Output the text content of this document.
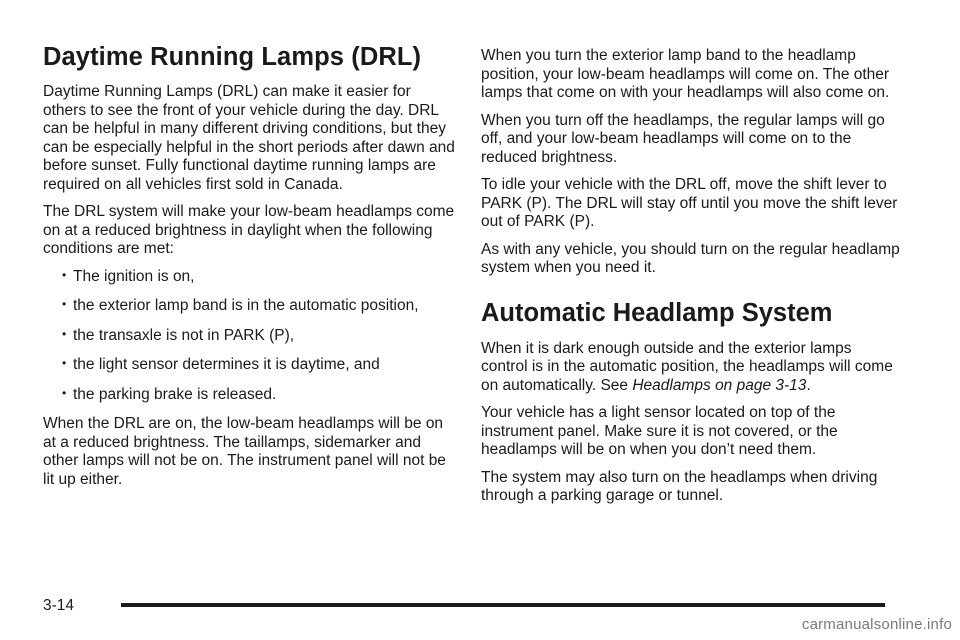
Daytime Running Lamps (DRL)

Daytime Running Lamps (DRL) can make it easier for others to see the front of your vehicle during the day. DRL can be helpful in many different driving conditions, but they can be especially helpful in the short periods after dawn and before sunset. Fully functional daytime running lamps are required on all vehicles first sold in Canada.

The DRL system will make your low-beam headlamps come on at a reduced brightness in daylight when the following conditions are met:

• The ignition is on,
• the exterior lamp band is in the automatic position,
• the transaxle is not in PARK (P),
• the light sensor determines it is daytime, and
• the parking brake is released.

When the DRL are on, the low-beam headlamps will be on at a reduced brightness. The taillamps, sidemarker and other lamps will not be on. The instrument panel will not be lit up either.

When you turn the exterior lamp band to the headlamp position, your low-beam headlamps will come on. The other lamps that come on with your headlamps will also come on.

When you turn off the headlamps, the regular lamps will go off, and your low-beam headlamps will come on to the reduced brightness.

To idle your vehicle with the DRL off, move the shift lever to PARK (P). The DRL will stay off until you move the shift lever out of PARK (P).

As with any vehicle, you should turn on the regular headlamp system when you need it.

Automatic Headlamp System

When it is dark enough outside and the exterior lamps control is in the automatic position, the headlamps will come on automatically. See Headlamps on page 3-13.

Your vehicle has a light sensor located on top of the instrument panel. Make sure it is not covered, or the headlamps will be on when you don’t need them.

The system may also turn on the headlamps when driving through a parking garage or tunnel.

3-14
carmanualsonline.info
